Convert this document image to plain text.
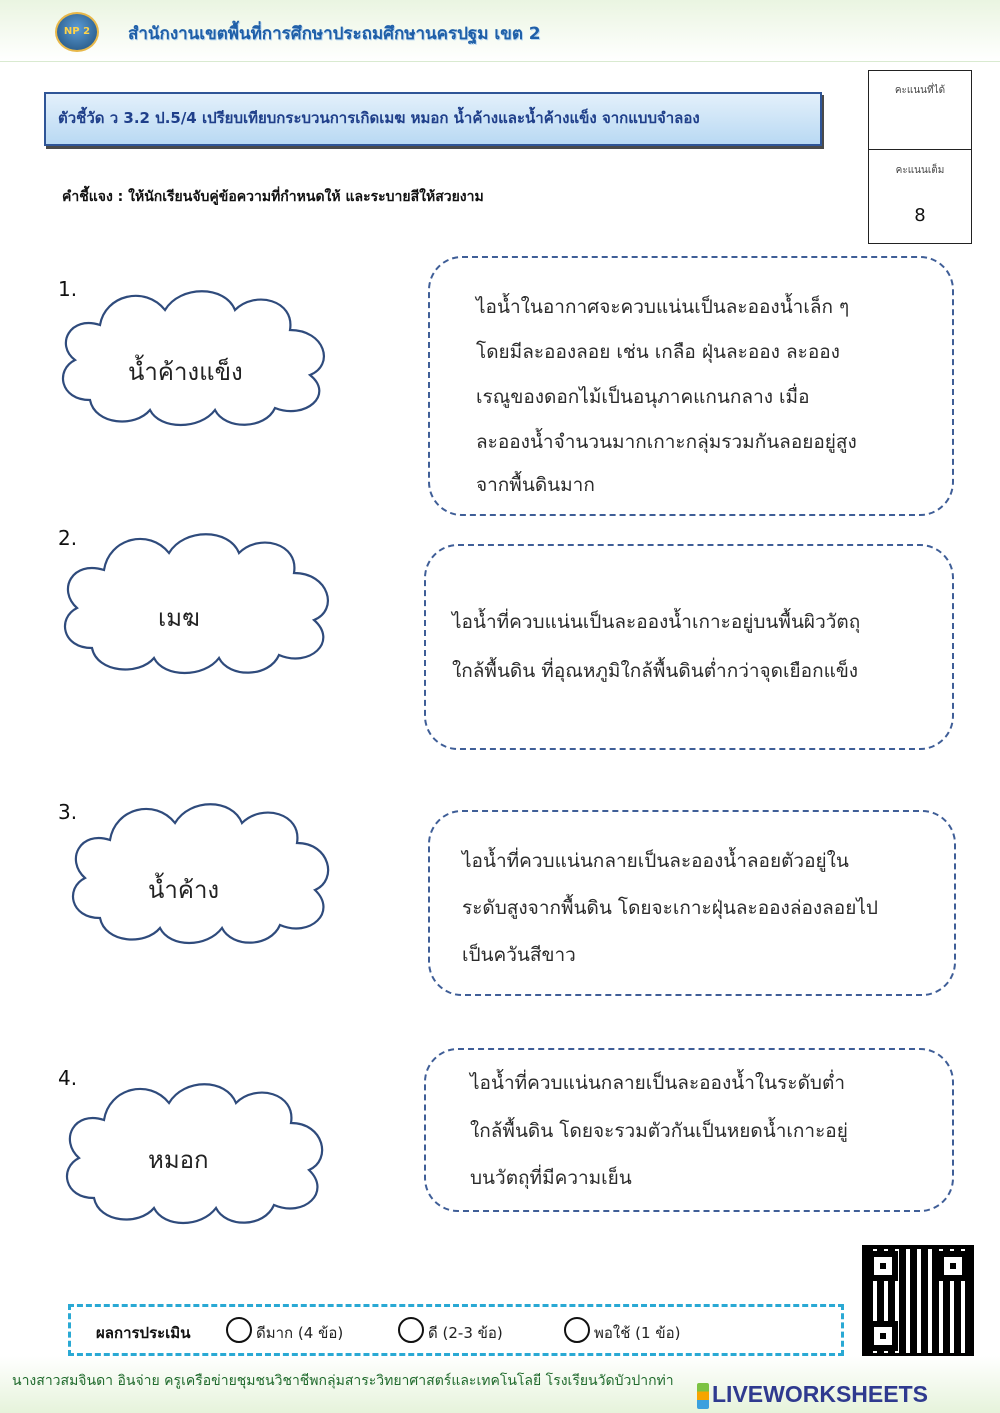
NP 2	สำนักงานเขตพื้นที่การศึกษาประถมศึกษานครปฐม เขต 2
ตัวชี้วัด ว 3.2 ป.5/4 เปรียบเทียบกระบวนการเกิดเมฆ หมอก น้ำค้างและน้ำค้างแข็ง จากแบบจำลอง
คะแนนที่ได้
คะแนนเต็ม
8
คำชี้แจง : ให้นักเรียนจับคู่ข้อความที่กำหนดให้ และระบายสีให้สวยงาม
1.
น้ำค้างแข็ง
2.
เมฆ
3.
น้ำค้าง
4.
หมอก
ไอน้ำในอากาศจะควบแน่นเป็นละอองน้ำเล็ก ๆ
โดยมีละอองลอย เช่น เกลือ ฝุ่นละออง ละออง
เรณูของดอกไม้เป็นอนุภาคแกนกลาง เมื่อ
ละอองน้ำจำนวนมากเกาะกลุ่มรวมกันลอยอยู่สูง
จากพื้นดินมาก
ไอน้ำที่ควบแน่นเป็นละอองน้ำเกาะอยู่บนพื้นผิววัตถุ
ใกล้พื้นดิน ที่อุณหภูมิใกล้พื้นดินต่ำกว่าจุดเยือกแข็ง
ไอน้ำที่ควบแน่นกลายเป็นละอองน้ำลอยตัวอยู่ใน
ระดับสูงจากพื้นดิน โดยจะเกาะฝุ่นละอองล่องลอยไป
เป็นควันสีขาว
ไอน้ำที่ควบแน่นกลายเป็นละอองน้ำในระดับต่ำ
ใกล้พื้นดิน โดยจะรวมตัวกันเป็นหยดน้ำเกาะอยู่
บนวัตถุที่มีความเย็น
ผลการประเมิน	ดีมาก (4 ข้อ)	ดี (2-3 ข้อ)	พอใช้ (1 ข้อ)
นางสาวสมจินดา อินจ่าย ครูเครือข่ายชุมชนวิชาชีพกลุ่มสาระวิทยาศาสตร์และเทคโนโลยี โรงเรียนวัดบัวปากท่า LIVEWORKSHEETS
